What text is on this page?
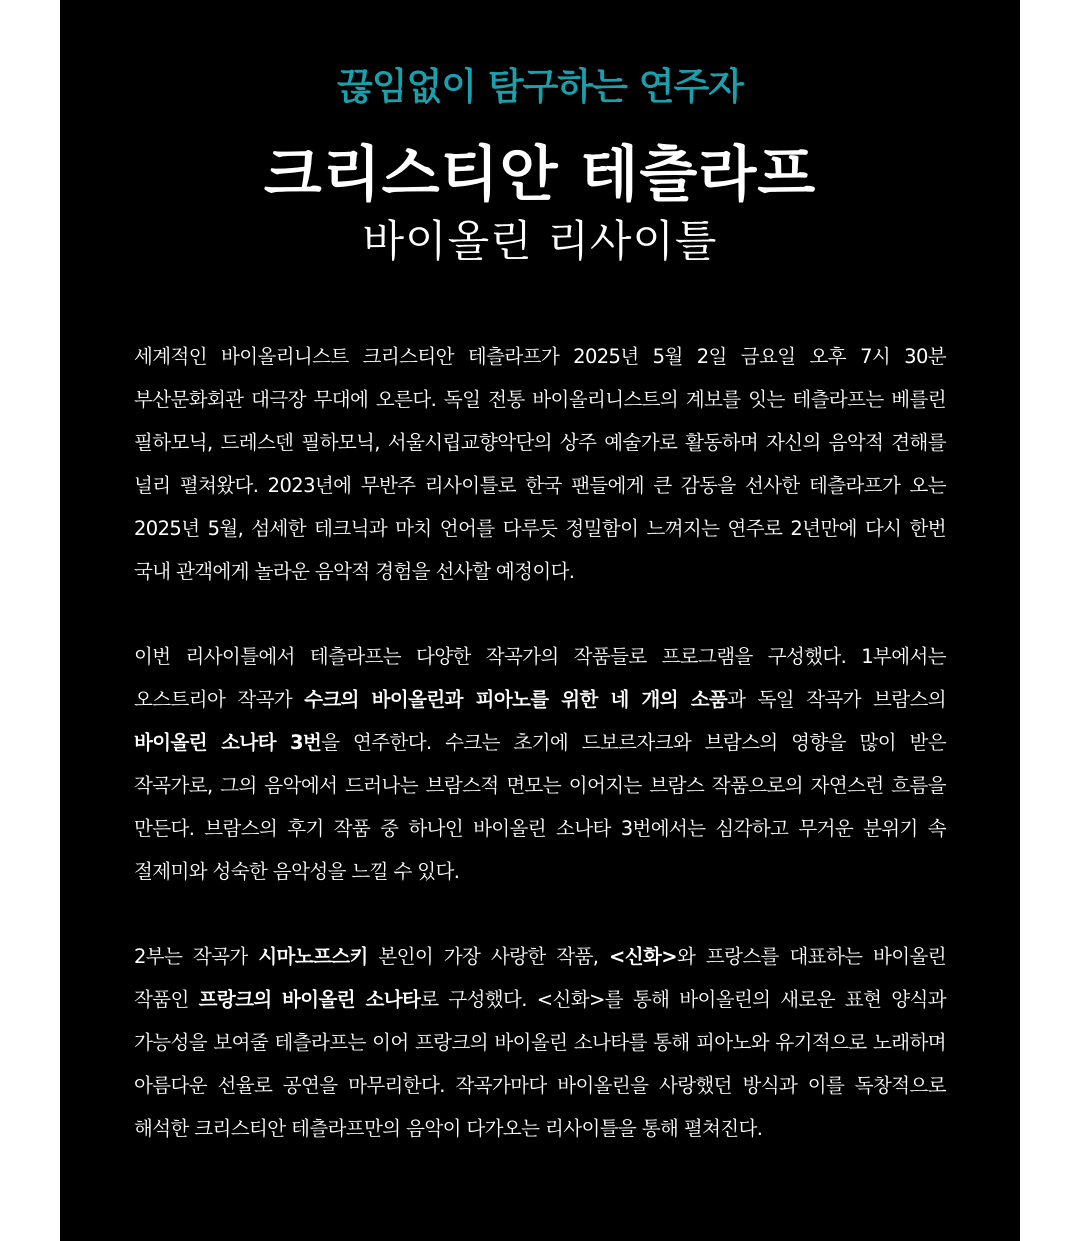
끊임없이 탐구하는 연주자
크리스티안 테츨라프
바이올린 리사이틀

세계적인 바이올리니스트 크리스티안 테츨라프가 2025년 5월 2일 금요일 오후 7시 30분 부산문화회관 대극장 무대에 오른다. 독일 전통 바이올리니스트의 계보를 잇는 테츨라프는 베를린 필하모닉, 드레스덴 필하모닉, 서울시립교향악단의 상주 예술가로 활동하며 자신의 음악적 견해를 널리 펼쳐왔다. 2023년에 무반주 리사이틀로 한국 팬들에게 큰 감동을 선사한 테츨라프가 오는 2025년 5월, 섬세한 테크닉과 마치 언어를 다루듯 정밀함이 느껴지는 연주로 2년만에 다시 한번 국내 관객에게 놀라운 음악적 경험을 선사할 예정이다.

이번 리사이틀에서 테츨라프는 다양한 작곡가의 작품들로 프로그램을 구성했다. 1부에서는 오스트리아 작곡가 수크의 바이올린과 피아노를 위한 네 개의 소품과 독일 작곡가 브람스의 바이올린 소나타 3번을 연주한다. 수크는 초기에 드보르자크와 브람스의 영향을 많이 받은 작곡가로, 그의 음악에서 드러나는 브람스적 면모는 이어지는 브람스 작품으로의 자연스런 흐름을 만든다. 브람스의 후기 작품 중 하나인 바이올린 소나타 3번에서는 심각하고 무거운 분위기 속 절제미와 성숙한 음악성을 느낄 수 있다.

2부는 작곡가 시마노프스키 본인이 가장 사랑한 작품, <신화>와 프랑스를 대표하는 바이올린 작품인 프랑크의 바이올린 소나타로 구성했다. <신화>를 통해 바이올린의 새로운 표현 양식과 가능성을 보여줄 테츨라프는 이어 프랑크의 바이올린 소나타를 통해 피아노와 유기적으로 노래하며 아름다운 선율로 공연을 마무리한다. 작곡가마다 바이올린을 사랑했던 방식과 이를 독창적으로 해석한 크리스티안 테츨라프만의 음악이 다가오는 리사이틀을 통해 펼쳐진다.
